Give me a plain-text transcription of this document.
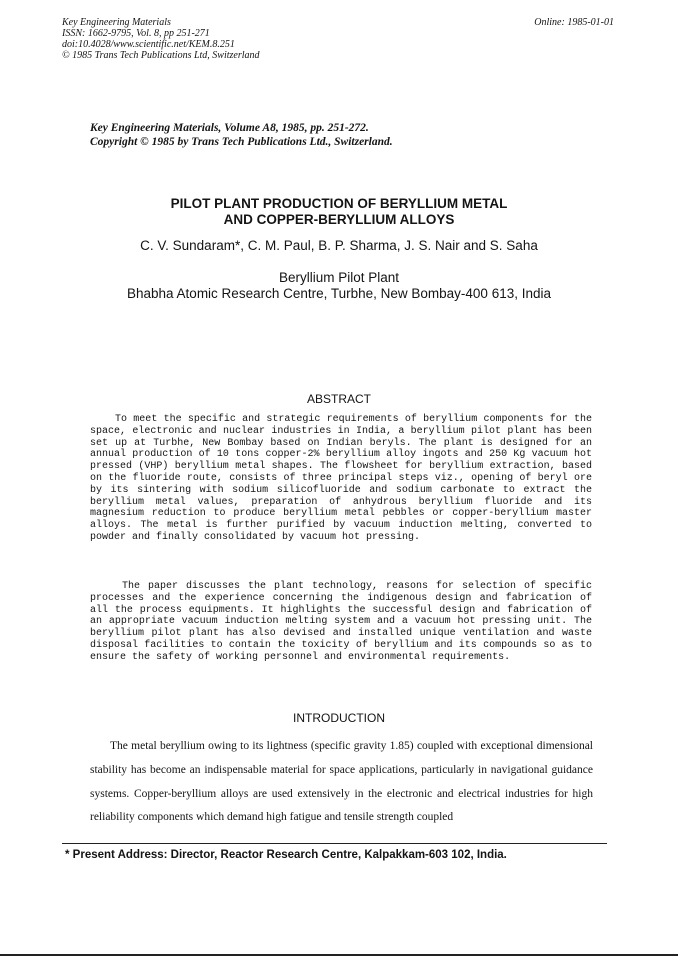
Key Engineering Materials
ISSN: 1662-9795, Vol. 8, pp 251-271
doi:10.4028/www.scientific.net/KEM.8.251
© 1985 Trans Tech Publications Ltd, Switzerland
Online: 1985-01-01
Key Engineering Materials, Volume A8, 1985, pp. 251-272.
Copyright © 1985 by Trans Tech Publications Ltd., Switzerland.
PILOT PLANT PRODUCTION OF BERYLLIUM METAL
AND COPPER-BERYLLIUM ALLOYS
C. V. Sundaram*, C. M. Paul, B. P. Sharma, J. S. Nair and S. Saha
Beryllium Pilot Plant
Bhabha Atomic Research Centre, Turbhe, New Bombay-400 613, India
ABSTRACT
To meet the specific and strategic requirements of beryllium components for the space, electronic and nuclear industries in India, a beryllium pilot plant has been set up at Turbhe, New Bombay based on Indian beryls. The plant is designed for an annual production of 10 tons copper-2% beryllium alloy ingots and 250 Kg vacuum hot pressed (VHP) beryllium metal shapes. The flowsheet for beryllium extraction, based on the fluoride route, consists of three principal steps viz., opening of beryl ore by its sintering with sodium silicofluoride and sodium carbonate to extract the beryllium metal values, preparation of anhydrous beryllium fluoride and its magnesium reduction to produce beryllium metal pebbles or copper-beryllium master alloys. The metal is further purified by vacuum induction melting, converted to powder and finally consolidated by vacuum hot pressing.
The paper discusses the plant technology, reasons for selection of specific processes and the experience concerning the indigenous design and fabrication of all the process equipments. It highlights the successful design and fabrication of an appropriate vacuum induction melting system and a vacuum hot pressing unit. The beryllium pilot plant has also devised and installed unique ventilation and waste disposal facilities to contain the toxicity of beryllium and its compounds so as to ensure the safety of working personnel and environmental requirements.
INTRODUCTION
The metal beryllium owing to its lightness (specific gravity 1.85) coupled with exceptional dimensional stability has become an indispensable material for space applications, particularly in navigational guidance systems. Copper-beryllium alloys are used extensively in the electronic and electrical industries for high reliability components which demand high fatigue and tensile strength coupled
* Present Address: Director, Reactor Research Centre, Kalpakkam-603 102, India.
